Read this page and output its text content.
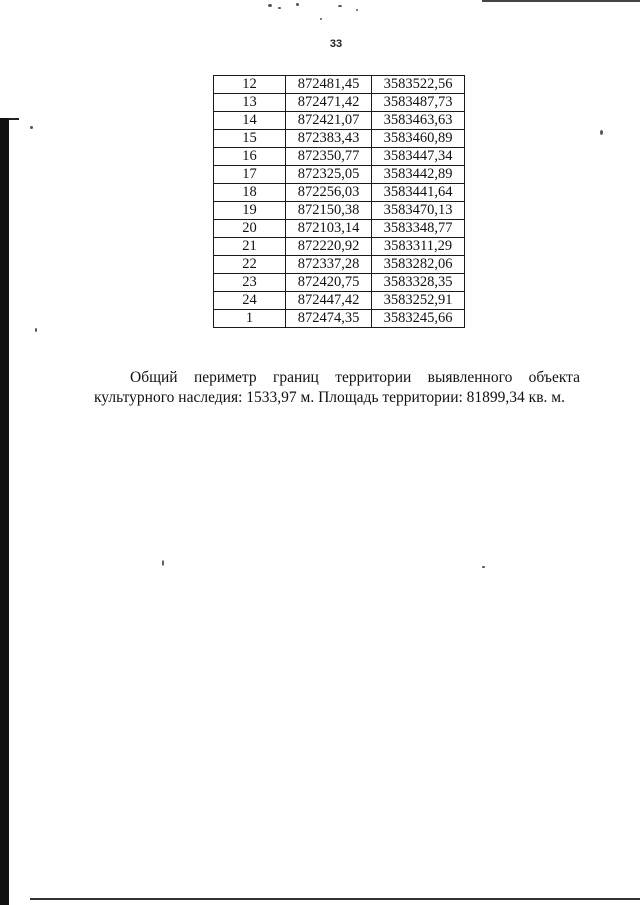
33
12	872481,45	3583522,56
13	872471,42	3583487,73
14	872421,07	3583463,63
15	872383,43	3583460,89
16	872350,77	3583447,34
17	872325,05	3583442,89
18	872256,03	3583441,64
19	872150,38	3583470,13
20	872103,14	3583348,77
21	872220,92	3583311,29
22	872337,28	3583282,06
23	872420,75	3583328,35
24	872447,42	3583252,91
1	872474,35	3583245,66

Общий периметр границ территории выявленного объекта культурного наследия: 1533,97 м. Площадь территории: 81899,34 кв. м.
